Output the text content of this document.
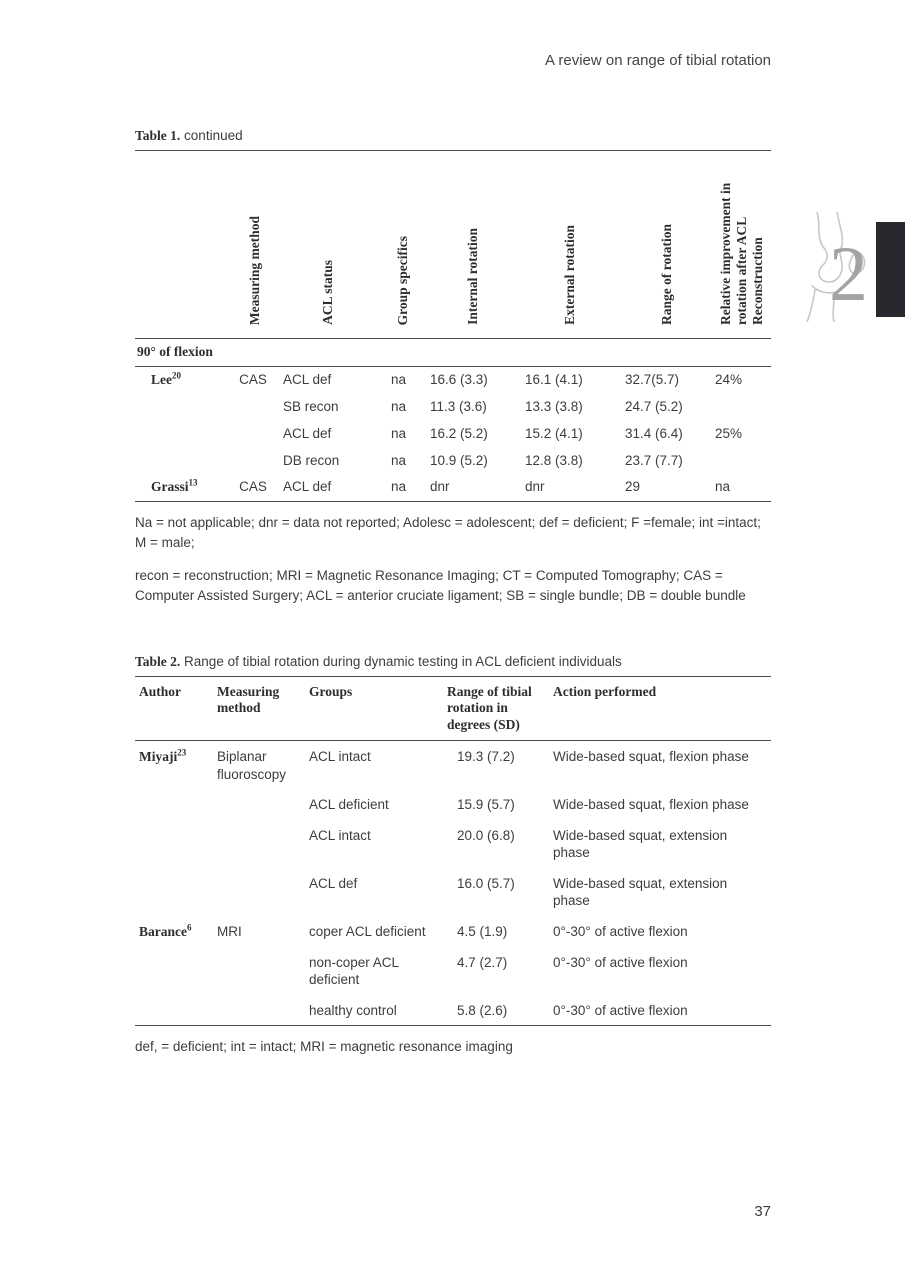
A review on range of tibial rotation
2
Table 1. continued
	Measuring method	ACL status	Group specifics	Internal rotation	External rotation	Range of rotation	Relative improvement in rotation after ACL Reconstruction
90° of flexion							
Lee$^{20}$	CAS	ACL def	na	16.6 (3.3)	16.1 (4.1)	32.7(5.7)	24%
		SB recon	na	11.3 (3.6)	13.3 (3.8)	24.7 (5.2)	
		ACL def	na	16.2 (5.2)	15.2 (4.1)	31.4 (6.4)	25%
		DB recon	na	10.9 (5.2)	12.8 (3.8)	23.7 (7.7)	
Grassi$^{13}$	CAS	ACL def	na	dnr	dnr	29	na
Na = not applicable; dnr = data not reported; Adolesc = adolescent; def = deficient; F =female; int =intact; M = male;
recon = reconstruction; MRI = Magnetic Resonance Imaging; CT = Computed Tomography; CAS = Computer Assisted Surgery; ACL = anterior cruciate ligament; SB = single bundle; DB = double bundle
Table 2. Range of tibial rotation during dynamic testing in ACL deficient individuals
Author	Measuring method	Groups	Range of tibial rotation in degrees (SD)	Action performed
Miyaji$^{23}$	Biplanar fluoroscopy	ACL intact	19.3 (7.2)	Wide-based squat, flexion phase
		ACL deficient	15.9 (5.7)	Wide-based squat, flexion phase
		ACL intact	20.0 (6.8)	Wide-based squat, extension phase
		ACL def	16.0 (5.7)	Wide-based squat, extension phase
Barance$^6$	MRI	coper ACL deficient	4.5 (1.9)	0°-30° of active flexion
		non-coper ACL deficient	4.7 (2.7)	0°-30° of active flexion
		healthy control	5.8 (2.6)	0°-30° of active flexion
def, = deficient; int = intact; MRI = magnetic resonance imaging
37
